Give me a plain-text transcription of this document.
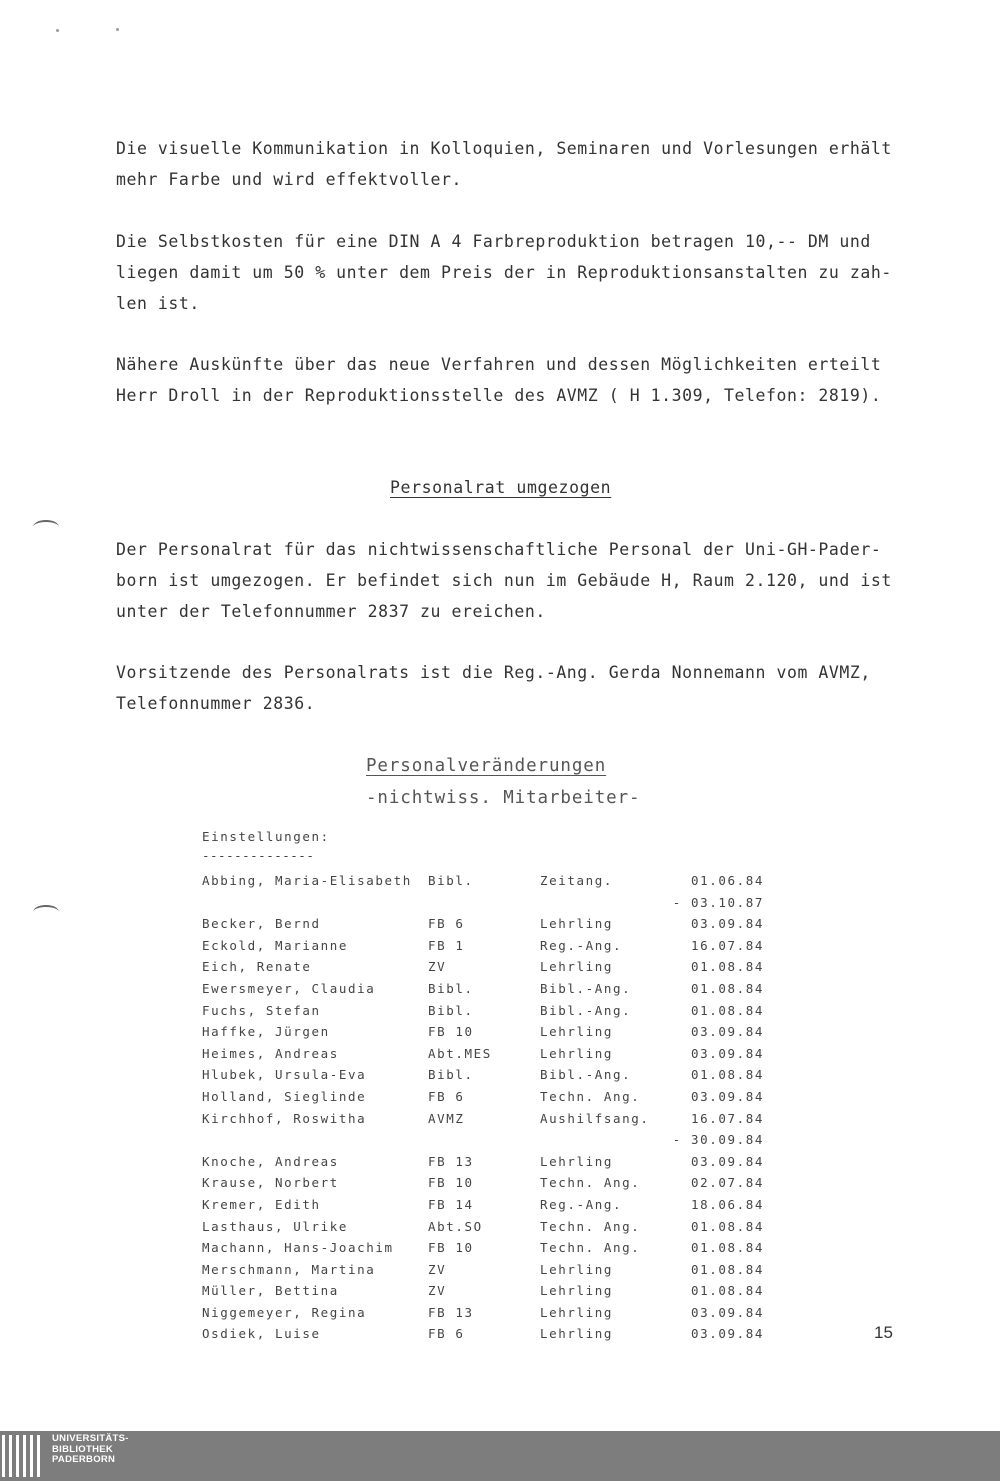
Die visuelle Kommunikation in Kolloquien, Seminaren und Vorlesungen erhält
mehr Farbe und wird effektvoller.
Die Selbstkosten für eine DIN A 4 Farbreproduktion betragen 10,-- DM und
liegen damit um 50 % unter dem Preis der in Reproduktionsanstalten zu zah-
len ist.
Nähere Auskünfte über das neue Verfahren und dessen Möglichkeiten erteilt
Herr Droll in der Reproduktionsstelle des AVMZ ( H 1.309, Telefon: 2819).
Personalrat umgezogen
Der Personalrat für das nichtwissenschaftliche Personal der Uni-GH-Pader-
born ist umgezogen. Er befindet sich nun im Gebäude H, Raum 2.120, und ist
unter der Telefonnummer 2837 zu ereichen.
Vorsitzende des Personalrats ist die Reg.-Ang. Gerda Nonnemann vom AVMZ,
Telefonnummer 2836.
Personalveränderungen
-nichtwiss. Mitarbeiter-
Einstellungen:
--------------
Abbing, Maria-Elisabeth Bibl.	Zeitang.	01.06.84
- 03.10.87
Becker, Bernd	FB 6	Lehrling	03.09.84
Eckold, Marianne	FB 1	Reg.-Ang.	16.07.84
Eich, Renate	ZV	Lehrling	01.08.84
Ewersmeyer, Claudia	Bibl.	Bibl.-Ang.	01.08.84
Fuchs, Stefan	Bibl.	Bibl.-Ang.	01.08.84
Haffke, Jürgen	FB 10	Lehrling	03.09.84
Heimes, Andreas	Abt.MES	Lehrling	03.09.84
Hlubek, Ursula-Eva	Bibl.	Bibl.-Ang.	01.08.84
Holland, Sieglinde	FB 6	Techn. Ang.	03.09.84
Kirchhof, Roswitha	AVMZ	Aushilfsang.	16.07.84
- 30.09.84
Knoche, Andreas	FB 13	Lehrling	03.09.84
Krause, Norbert	FB 10	Techn. Ang.	02.07.84
Kremer, Edith	FB 14	Reg.-Ang.	18.06.84
Lasthaus, Ulrike	Abt.SO	Techn. Ang.	01.08.84
Machann, Hans-Joachim	FB 10	Techn. Ang.	01.08.84
Merschmann, Martina	ZV	Lehrling	01.08.84
Müller, Bettina	ZV	Lehrling	01.08.84
Niggemeyer, Regina	FB 13	Lehrling	03.09.84
Osdiek, Luise	FB 6	Lehrling	03.09.84	15
UNIVERSITÄTS-
BIBLIOTHEK
PADERBORN
